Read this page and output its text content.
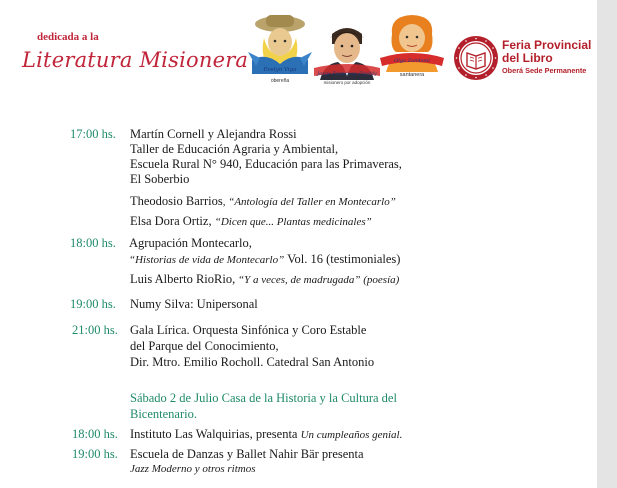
dedicada a la
Literatura Misionera	Evelyn Viga
obereña
Jorge Francisco Freddy
misionero por adopción
Olga Zamboni
santanera
Feria Provincial
del Libro
Oberá Sede Permanente
17:00 hs. Martín Cornell y Alejandra Rossi
Taller de Educación Agraria y Ambiental,
Escuela Rural N° 940, Educación para las Primaveras,
El Soberbio
Theodosio Barrios, “Antología del Taller en Montecarlo”
Elsa Dora Ortiz, “Dicen que... Plantas medicinales”
18:00 hs. Agrupación Montecarlo,
“Historias de vida de Montecarlo” Vol. 16 (testimoniales)
Luis Alberto RioRio, “Y a veces, de madrugada” (poesía)
19:00 hs. Numy Silva: Unipersonal
21:00 hs. Gala Lírica. Orquesta Sinfónica y Coro Estable
del Parque del Conocimiento,
Dir. Mtro. Emilio Rocholl. Catedral San Antonio
Sábado 2 de Julio Casa de la Historia y la Cultura del
Bicentenario.
18:00 hs. Instituto Las Walquirias, presenta Un cumpleaños genial.
19:00 hs. Escuela de Danzas y Ballet Nahir Bär presenta
Jazz Moderno y otros ritmos
